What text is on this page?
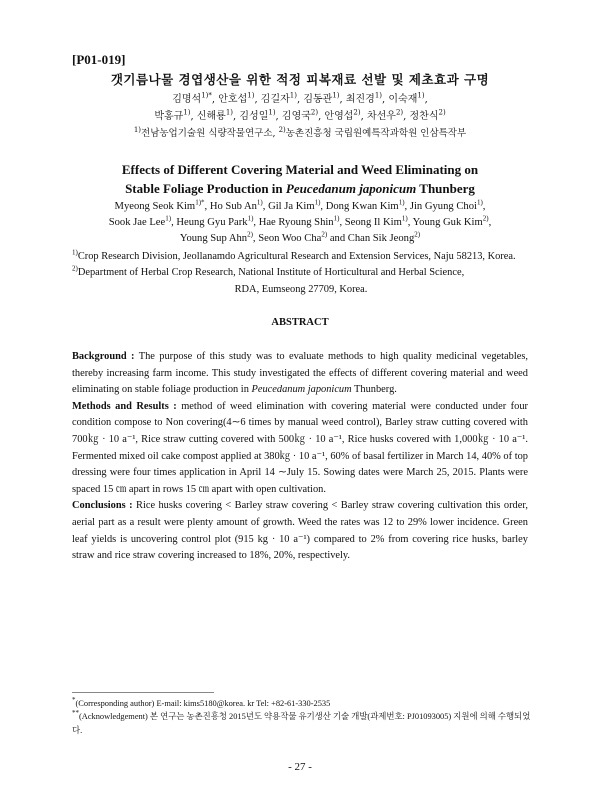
[P01-019]
갯기름나물 경엽생산을 위한 적정 피복재료 선발 및 제초효과 구명
김명석$^{1)*}$, 안호섭$^{1)}$, 김길자$^{1)}$, 김동관$^{1)}$, 최진경$^{1)}$, 이숙재$^{1)}$,
박홍규$^{1)}$, 신해룡$^{1)}$, 김성일$^{1)}$, 김영국$^{2)}$, 안영섭$^{2)}$, 차선우$^{2)}$, 정찬식$^{2)}$
$^{1)}$전남농업기술원 식량작물연구소, $^{2)}$농촌진흥청 국립원예특작과학원 인삼특작부
Effects of Different Covering Material and Weed Eliminating on
Stable Foliage Production in Peucedanum japonicum Thunberg
Myeong Seok Kim$^{1)*}$, Ho Sub An$^{1)}$, Gil Ja Kim$^{1)}$, Dong Kwan Kim$^{1)}$, Jin Gyung Choi$^{1)}$,
Sook Jae Lee$^{1)}$, Heung Gyu Park$^{1)}$, Hae Ryoung Shin$^{1)}$, Seong Il Kim$^{1)}$, Young Guk Kim$^{2)}$,
Young Sup Ahn$^{2)}$, Seon Woo Cha$^{2)}$ and Chan Sik Jeong$^{2)}$
$^{1)}$Crop Research Division, Jeollanamdo Agricultural Research and Extension Services, Naju 58213, Korea.
$^{2)}$Department of Herbal Crop Research, National Institute of Horticultural and Herbal Science,
RDA, Eumseong 27709, Korea.
ABSTRACT

Background : The purpose of this study was to evaluate methods to high quality medicinal vegetables, thereby increasing farm income. This study investigated the effects of different covering material and weed eliminating on stable foliage production in Peucedanum japonicum Thunberg.

Methods and Results : method of weed elimination with covering material were conducted under four condition compose to Non covering(4∼6 times by manual weed control), Barley straw cutting covered with 700㎏ · 10 a⁻¹, Rice straw cutting covered with 500㎏ · 10 a⁻¹, Rice husks covered with 1,000㎏ · 10 a⁻¹. Fermented mixed oil cake compost applied at 380㎏ · 10 a⁻¹, 60% of basal fertilizer in March 14, 40% of top dressing were four times application in April 14 ∼July 15. Sowing dates were March 25, 2015. Plants were spaced 15 ㎝ apart in rows 15 ㎝ apart with open cultivation.

Conclusions : Rice husks covering < Barley straw covering < Barley straw covering cultivation this order, aerial part as a result were plenty amount of growth. Weed the rates was 12 to 29% lower incidence. Green leaf yields is uncovering control plot (915 kg · 10 a⁻¹) compared to 2% from covering rice husks, barley straw and rice straw covering increased to 18%, 20%, respectively.

*(Corresponding author) E-mail: kims5180@korea. kr Tel: +82-61-330-2535
**(Acknowledgement) 본 연구는 농촌진흥청 2015년도 약용작물 유기생산 기술 개발(과제번호: PJ01093005) 지원에 의해 수행되었다.
- 27 -
